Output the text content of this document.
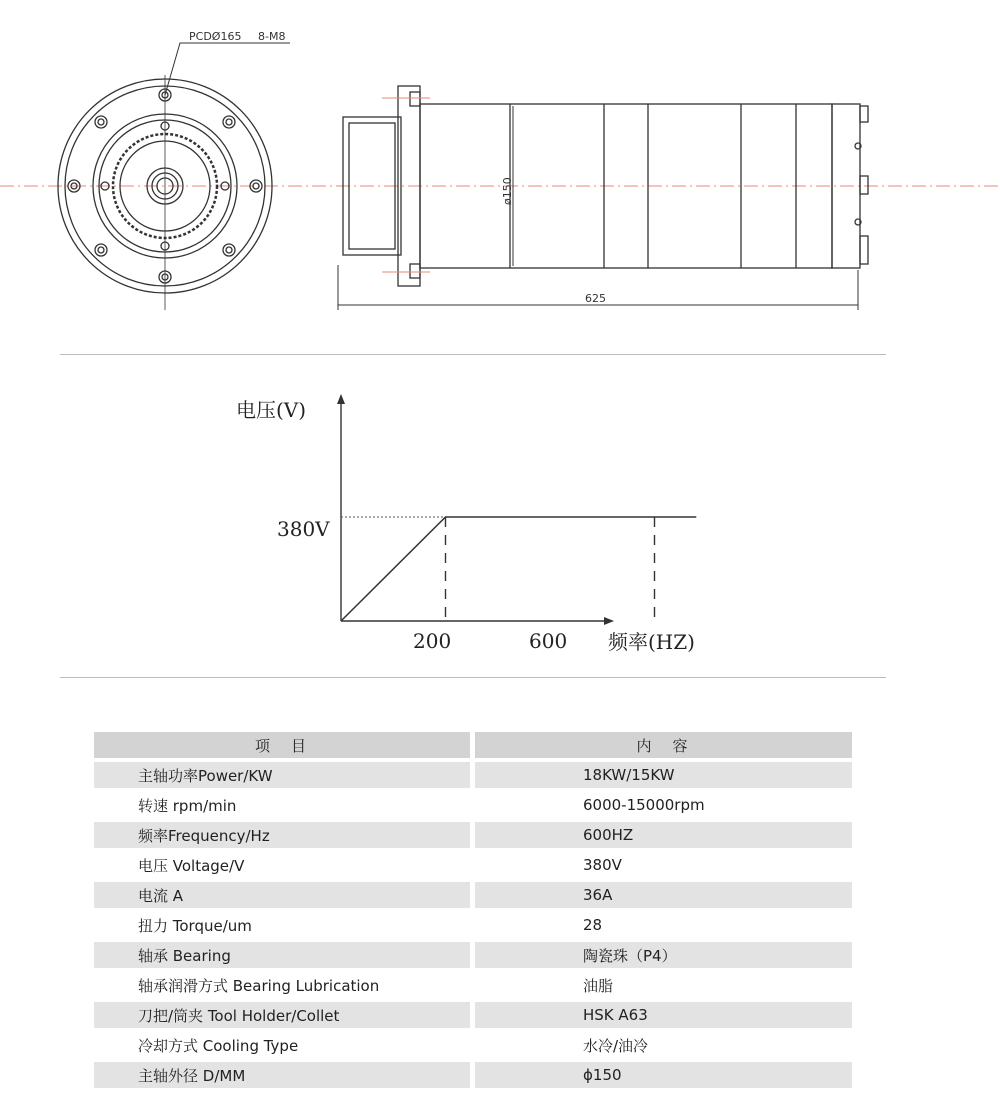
PCDØ165 8-M8
ø150
625
电压(V)
频率(HZ)
380V
200	600
项　目		内　容
主轴功率Power/KW		18KW/15KW
转速 rpm/min		6000-15000rpm
频率Frequency/Hz		600HZ
电压 Voltage/V		380V
电流 A		36A
扭力 Torque/um		28
轴承 Bearing		陶瓷珠（P4）
轴承润滑方式 Bearing Lubrication		油脂
刀把/筒夹 Tool Holder/Collet		HSK A63
冷却方式 Cooling Type		水冷/油冷
主轴外径 D/MM		ϕ150
